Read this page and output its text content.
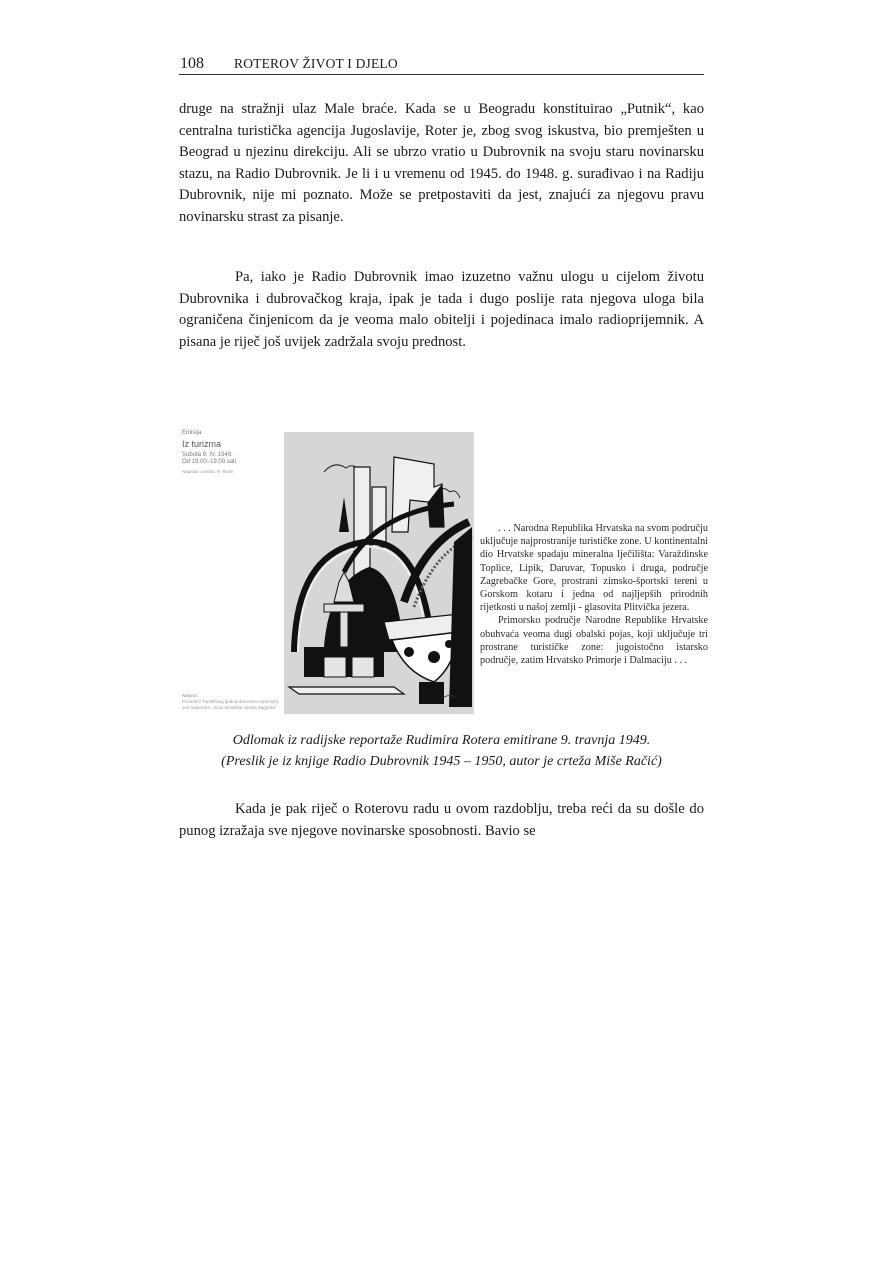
108 ROTEROV ŽIVOT I DJELO
druge na stražnji ulaz Male braće. Kada se u Beogradu konstituirao „Putnik“, kao centralna turistička agencija Jugoslavije, Roter je, zbog svog iskustva, bio premješten u Beograd u njezinu direkciju. Ali se ubrzo vratio u Dubrovnik na svoju staru novinarsku stazu, na Radio Dubrovnik. Je li i u vremenu od 1945. do 1948. g. surađivao i na Radiju Dubrovnik, nije mi poznato. Može se pretpostaviti da jest, znajući za njegovu pravu novinarsku strast za pisanje.
Pa, iako je Radio Dubrovnik imao izuzetno važnu ulogu u cijelom životu Dubrovnika i dubrovačkog kraja, ipak je tada i dugo poslije rata njegova uloga bila ograničena činjenicom da je veoma malo obitelji i pojedinaca imalo radioprijemnik. A pisana je riječ još uvijek zadržala svoju prednost.
Emisija
Iz turizma
Subota 9. IV. 1949.
Od 19:00–19:00 sati
Napisao i uredio: R. Roter
Naslovi:
Povodom Turističkog tjedna donosimo reportažu
pod naslovom: „Kroz turistička mjesta Zagreba“

. . . Narodna Republika Hrvatska na svom području uključuje najprostranije turističke zone. U kontinentalni dio Hrvatske spadaju mineralna lječilišta: Varaždinske Toplice, Lipik, Daruvar, Topusko i druga, područje Zagrebačke Gore, prostrani zimsko-športski tereni u Gorskom kotaru i jedna od najljepših prirodnih rijetkosti u našoj zemlji - glasovita Plitvička jezera.

Primorsko područje Narodne Republike Hrvatske obuhvaća veoma dugi obalski pojas, koji uključuje tri prostrane turističke zone: jugoistočno istarsko područje, zatim Hrvatsko Primorje i Dalmaciju . . .

Odlomak iz radijske reportaže Rudimira Rotera emitirane 9. travnja 1949.
(Preslik je iz knjige Radio Dubrovnik 1945 – 1950, autor je crteža Miše Račić)
Kada je pak riječ o Roterovu radu u ovom razdoblju, treba reći da su došle do punog izražaja sve njegove novinarske sposobnosti. Bavio se
